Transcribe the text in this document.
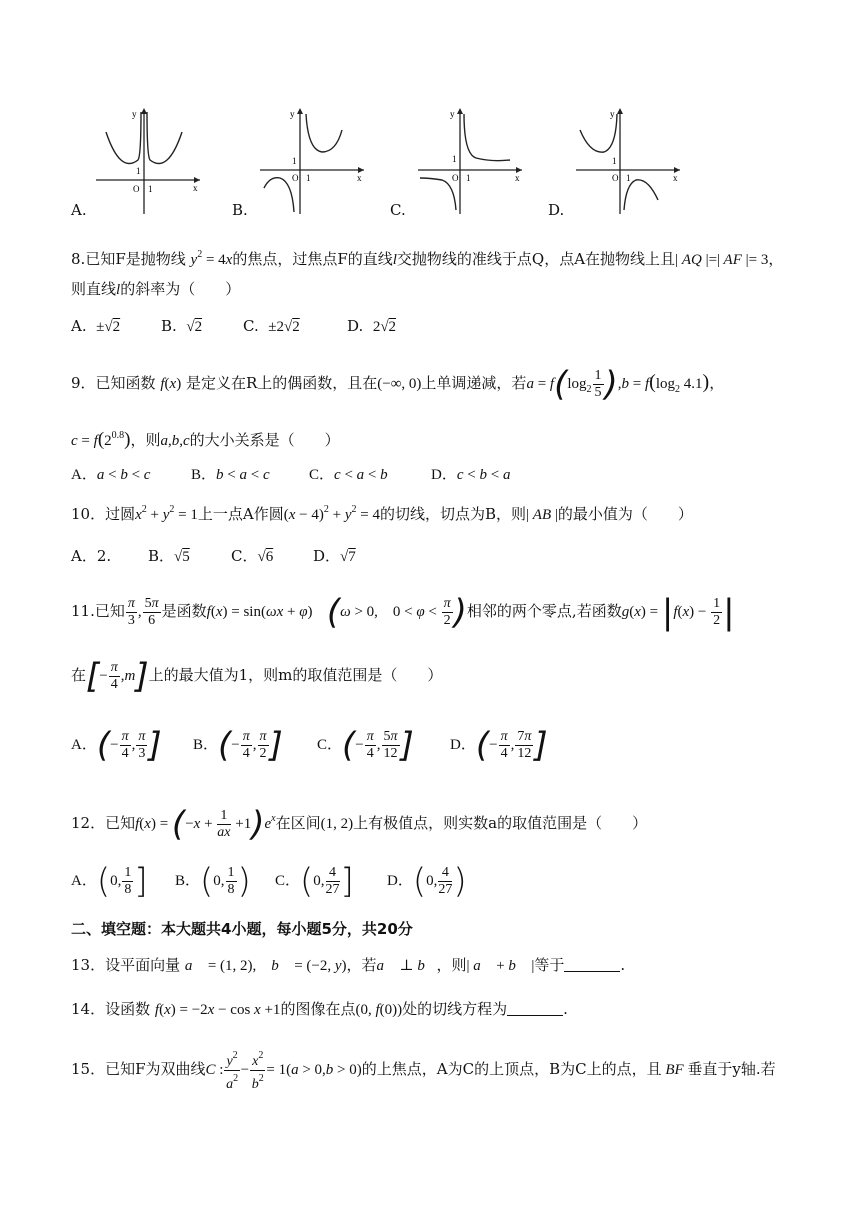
y
x
O 1
1
A.
y
x
O 1
1
B.
y
x
O 1
1
C.
y
x
O 1
1
D.
8.已知F是抛物线 $y^2 = 4x$的焦点，过焦点F的直线l交抛物线的准线于点Q，点A在抛物线上且| AQ |=| AF |= 3，
则直线l的斜率为（　　）
A. ±√2	B. √2	C. ±2√2	D. 2√2
9．已知函数 f(x) 是定义在R上的偶函数，且在(−∞, 0)上单调递减，若$a = f(\log_2 \frac{1}{5} ),b = f(\log_2$ 4.1)，
$c = f(2^{0.8})$，则a,b,c的大小关系是（　　）
A．a < b < c	B．b < a < c	C．c < a < b	D．c < b < a
10．过圆$x^2 + y^2 = 1$上一点A作圆$(x - 4)^2 + y^2 = 4$的切线，切点为B，则| AB |的最小值为（　　）
A．2. B．√5	C．√6	D．√7
11.已知 $\frac{\pi}{3}$ , $\frac{5\pi}{6}$ 是函数f(x) = sin(ωx + φ) (ω > 0,    $0 < \varphi < \frac{\pi}{2}$ )相邻的两个零点,若函数$g(x) = |f(x) - \frac{1}{2}$ |
在[− $\frac{\pi}{4} ,m$]上的最大值为1，则m的取值范围是（　　）
A．(− $\frac{\pi}{4}$ , $\frac{\pi}{3}$ ] B．(− $\frac{\pi}{4}$ , $\frac{\pi}{2}$ ] C．(− $\frac{\pi}{4}$ , $\frac{5\pi}{12}$ ] D．(− $\frac{\pi}{4}$ , $\frac{7\pi}{12}$ ]
12．已知$f(x) = (-x + \frac{1}{ax} +1)e^x$在区间(1, 2)上有极值点，则实数a的取值范围是（　　）
A．(0, $\frac{1}{8}$ ] B．(0, $\frac{1}{8}$ ) C．(0, $\frac{4}{27}$ ] D．(0, $\frac{4}{27}$ )
二、填空题：本大题共4小题，每小题5分，共20分
13．设平面向量 a⃗ = (1, 2),    b⃗ = (−2, y)，若a⃗ ⊥ b⃗，则| a⃗ + b⃗ |等于	.
14．设函数 f(x) = −2x − cos x +1的图像在点(0, f(0))处的切线方程为	.
15．已知F为双曲线C : $\frac{y^2}{a^2} - \frac{x^2}{b^2} = 1(a > 0,b > 0)$的上焦点，A为C的上顶点，B为C上的点，且 BF 垂直于y轴.若
